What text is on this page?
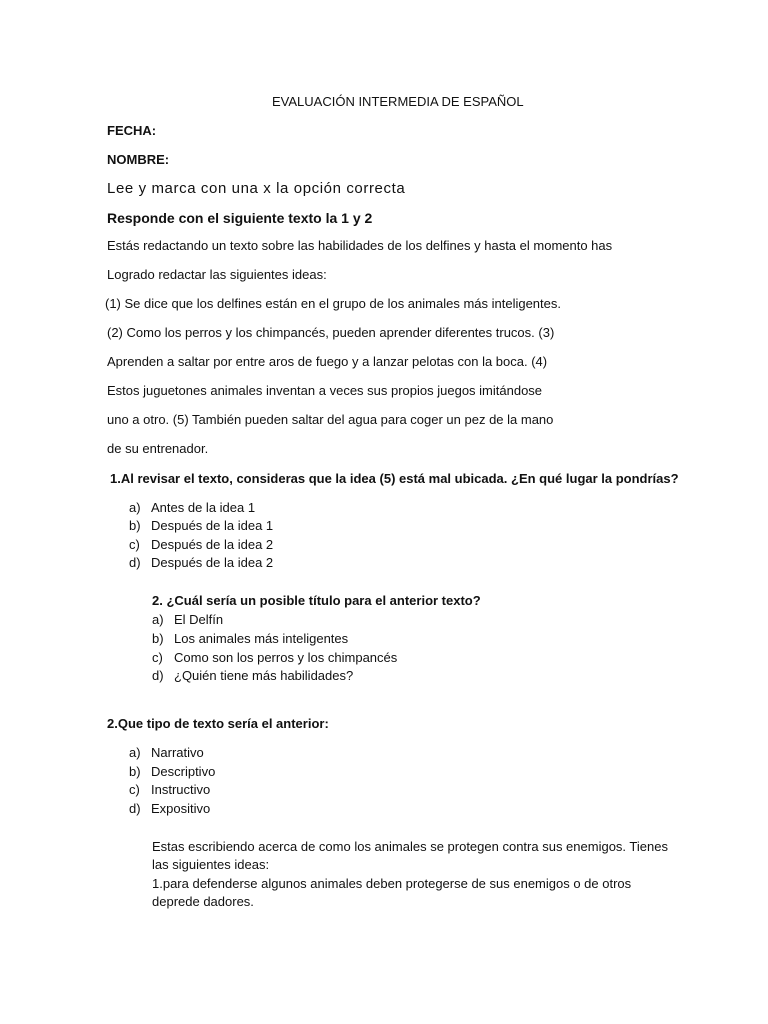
EVALUACIÓN INTERMEDIA DE ESPAÑOL
FECHA:
NOMBRE:
Lee y marca con una x la opción correcta
Responde con el siguiente texto la 1 y 2
Estás redactando un texto sobre las habilidades de los delfines y hasta el momento has
Logrado redactar las siguientes ideas:
(1) Se dice que los delfines están en el grupo de los animales más inteligentes.
(2) Como los perros y los chimpancés, pueden aprender diferentes trucos. (3)
Aprenden a saltar por entre aros de fuego y a lanzar pelotas con la boca. (4)
Estos juguetones animales inventan a veces sus propios juegos imitándose
uno a otro. (5) También pueden saltar del agua para coger un pez de la mano
de su entrenador.
1.Al revisar el texto, consideras que la idea (5) está mal ubicada. ¿En qué lugar la pondrías?
a) Antes de la idea 1
b) Después de la idea 1
c) Después de la idea 2
d) Después de la idea 2
2. ¿Cuál sería un posible título para el anterior texto?
a) El Delfín
b) Los animales más inteligentes
c) Como son los perros y los chimpancés
d) ¿Quién tiene más habilidades?
2.Que tipo de texto sería el anterior:
a) Narrativo
b) Descriptivo
c) Instructivo
d) Expositivo
Estas escribiendo acerca de como los animales se protegen contra sus enemigos. Tienes
las siguientes ideas:
1.para defenderse algunos animales deben protegerse de sus enemigos o de otros
deprede dadores.
